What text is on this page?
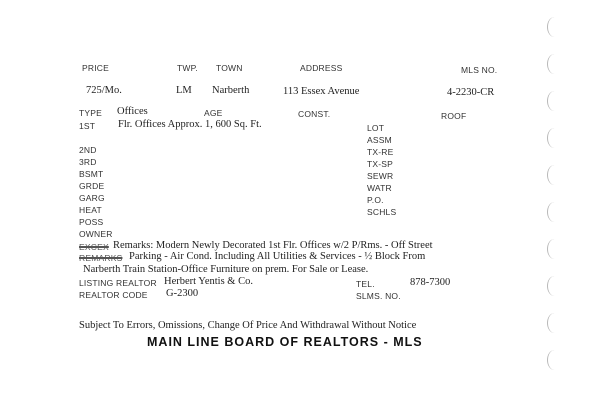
PRICE	TWP. TOWN	ADDRESS	MLS NO.
725/Mo.	LM Narberth	113 Essex Avenue	4-2230-CR
TYPE Offices	AGE	CONST.	ROOF
1ST Flr. Offices Approx. 1, 600 Sq. Ft.
2ND
3RD
BSMT
GRDE
GARG
HEAT
POSS
OWNER
LOT
ASSM
TX-RE
TX-SP
SEWR
WATR
P.O.
SCHLS
EXCEX Remarks: Modern Newly Decorated 1st Flr. Offices w/2 P/Rms. - Off Street
REMARKS Parking - Air Cond. Including All Utilities & Services - ½ Block From
Narberth Train Station-Office Furniture on prem. For Sale or Lease.
LISTING REALTOR Herbert Yentis & Co.	TEL.	878-7300
REALTOR CODE G-2300	SLMS. NO.
Subject To Errors, Omissions, Change Of Price And Withdrawal Without Notice
MAIN LINE BOARD OF REALTORS - MLS
